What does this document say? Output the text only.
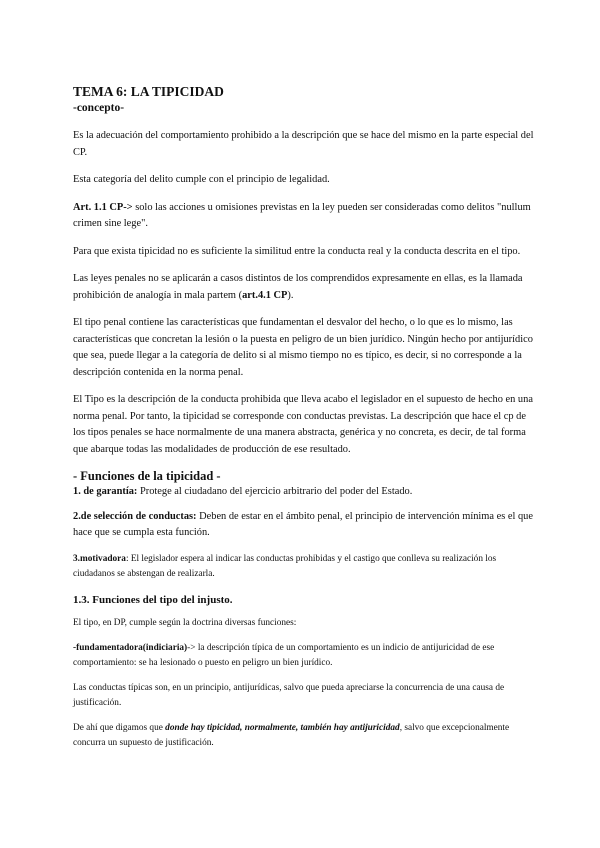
TEMA 6: LA TIPICIDAD
-concepto-

Es la adecuación del comportamiento prohibido a la descripción que se hace del mismo en la parte especial del CP.

Esta categoría del delito cumple con el principio de legalidad.

Art. 1.1 CP-> solo las acciones u omisiones previstas en la ley pueden ser consideradas como delitos "nullum crimen sine lege".

Para que exista tipicidad no es suficiente la similitud entre la conducta real y la conducta descrita en el tipo.

Las leyes penales no se aplicarán a casos distintos de los comprendidos expresamente en ellas, es la llamada prohibición de analogía in mala partem (art.4.1 CP).

El tipo penal contiene las características que fundamentan el desvalor del hecho, o lo que es lo mismo, las características que concretan la lesión o la puesta en peligro de un bien jurídico. Ningún hecho por antijurídico que sea, puede llegar a la categoría de delito si al mismo tiempo no es típico, es decir, si no corresponde a la descripción contenida en la norma penal.

El Tipo es la descripción de la conducta prohibida que lleva acabo el legislador en el supuesto de hecho en una norma penal. Por tanto, la tipicidad se corresponde con conductas previstas. La descripción que hace el cp de los tipos penales se hace normalmente de una manera abstracta, genérica y no concreta, es decir, de tal forma que abarque todas las modalidades de producción de ese resultado.

- Funciones de la tipicidad -

1. de garantía: Protege al ciudadano del ejercicio arbitrario del poder del Estado.

2.de selección de conductas: Deben de estar en el ámbito penal, el principio de intervención mínima es el que hace que se cumpla esta función.

3.motivadora: El legislador espera al indicar las conductas prohibidas y el castigo que conlleva su realización los ciudadanos se abstengan de realizarla.

1.3. Funciones del tipo del injusto.

El tipo, en DP, cumple según la doctrina diversas funciones:

-fundamentadora(indiciaria)-> la descripción típica de un comportamiento es un indicio de antijuricidad de ese comportamiento: se ha lesionado o puesto en peligro un bien jurídico.

Las conductas típicas son, en un principio, antijurídicas, salvo que pueda apreciarse la concurrencia de una causa de justificación.

De ahí que digamos que donde hay tipicidad, normalmente, también hay antijuricidad, salvo que excepcionalmente concurra un supuesto de justificación.
